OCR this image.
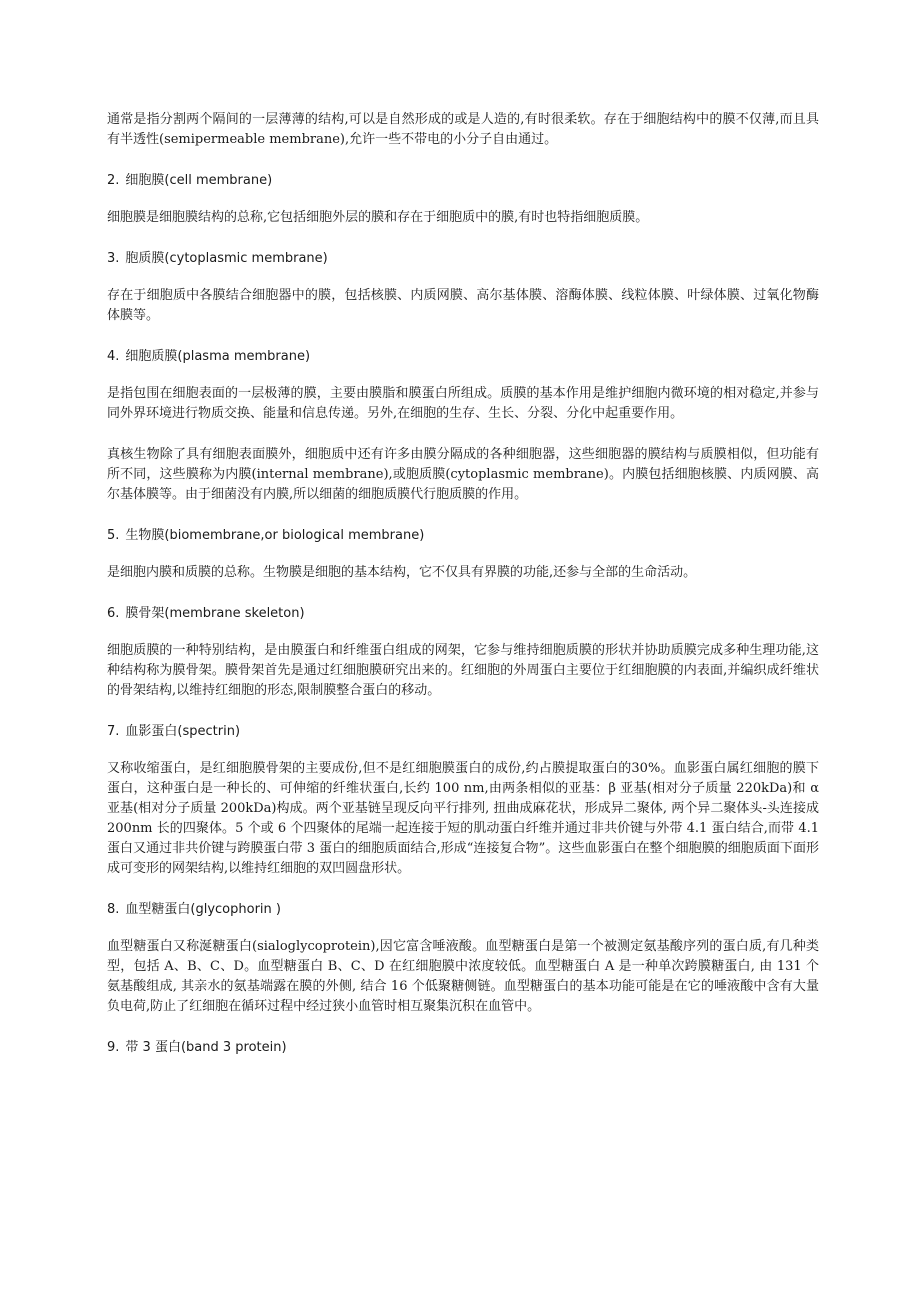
通常是指分割两个隔间的一层薄薄的结构,可以是自然形成的或是人造的,有时很柔软。存在于细胞结构中的膜不仅薄,而且具有半透性(semipermeable membrane),允许一些不带电的小分子自由通过。

2. 细胞膜(cell membrane)

细胞膜是细胞膜结构的总称,它包括细胞外层的膜和存在于细胞质中的膜,有时也特指细胞质膜。

3. 胞质膜(cytoplasmic membrane)

存在于细胞质中各膜结合细胞器中的膜，包括核膜、内质网膜、高尔基体膜、溶酶体膜、线粒体膜、叶绿体膜、过氧化物酶体膜等。

4. 细胞质膜(plasma membrane)

是指包围在细胞表面的一层极薄的膜，主要由膜脂和膜蛋白所组成。质膜的基本作用是维护细胞内微环境的相对稳定,并参与同外界环境进行物质交换、能量和信息传递。另外,在细胞的生存、生长、分裂、分化中起重要作用。

真核生物除了具有细胞表面膜外，细胞质中还有许多由膜分隔成的各种细胞器，这些细胞器的膜结构与质膜相似，但功能有所不同，这些膜称为内膜(internal membrane),或胞质膜(cytoplasmic membrane)。内膜包括细胞核膜、内质网膜、高尔基体膜等。由于细菌没有内膜,所以细菌的细胞质膜代行胞质膜的作用。

5. 生物膜(biomembrane,or biological membrane)

是细胞内膜和质膜的总称。生物膜是细胞的基本结构，它不仅具有界膜的功能,还参与全部的生命活动。

6. 膜骨架(membrane skeleton)

细胞质膜的一种特别结构，是由膜蛋白和纤维蛋白组成的网架，它参与维持细胞质膜的形状并协助质膜完成多种生理功能,这种结构称为膜骨架。膜骨架首先是通过红细胞膜研究出来的。红细胞的外周蛋白主要位于红细胞膜的内表面,并编织成纤维状的骨架结构,以维持红细胞的形态,限制膜整合蛋白的移动。

7. 血影蛋白(spectrin)

又称收缩蛋白，是红细胞膜骨架的主要成份,但不是红细胞膜蛋白的成份,约占膜提取蛋白的30%。血影蛋白属红细胞的膜下蛋白，这种蛋白是一种长的、可伸缩的纤维状蛋白,长约 100 nm,由两条相似的亚基：β 亚基(相对分子质量 220kDa)和 α 亚基(相对分子质量 200kDa)构成。两个亚基链呈现反向平行排列, 扭曲成麻花状，形成异二聚体, 两个异二聚体头-头连接成 200nm 长的四聚体。5 个或 6 个四聚体的尾端一起连接于短的肌动蛋白纤维并通过非共价键与外带 4.1 蛋白结合,而带 4.1 蛋白又通过非共价键与跨膜蛋白带 3 蛋白的细胞质面结合,形成“连接复合物”。这些血影蛋白在整个细胞膜的细胞质面下面形成可变形的网架结构,以维持红细胞的双凹圆盘形状。

8. 血型糖蛋白(glycophorin )

血型糖蛋白又称涎糖蛋白(sialoglycoprotein),因它富含唾液酸。血型糖蛋白是第一个被测定氨基酸序列的蛋白质,有几种类型，包括 A、B、C、D。血型糖蛋白 B、C、D 在红细胞膜中浓度较低。血型糖蛋白 A 是一种单次跨膜糖蛋白, 由 131 个氨基酸组成, 其亲水的氨基端露在膜的外侧, 结合 16 个低聚糖侧链。血型糖蛋白的基本功能可能是在它的唾液酸中含有大量负电荷,防止了红细胞在循环过程中经过狭小血管时相互聚集沉积在血管中。

9. 带 3 蛋白(band 3 protein)
